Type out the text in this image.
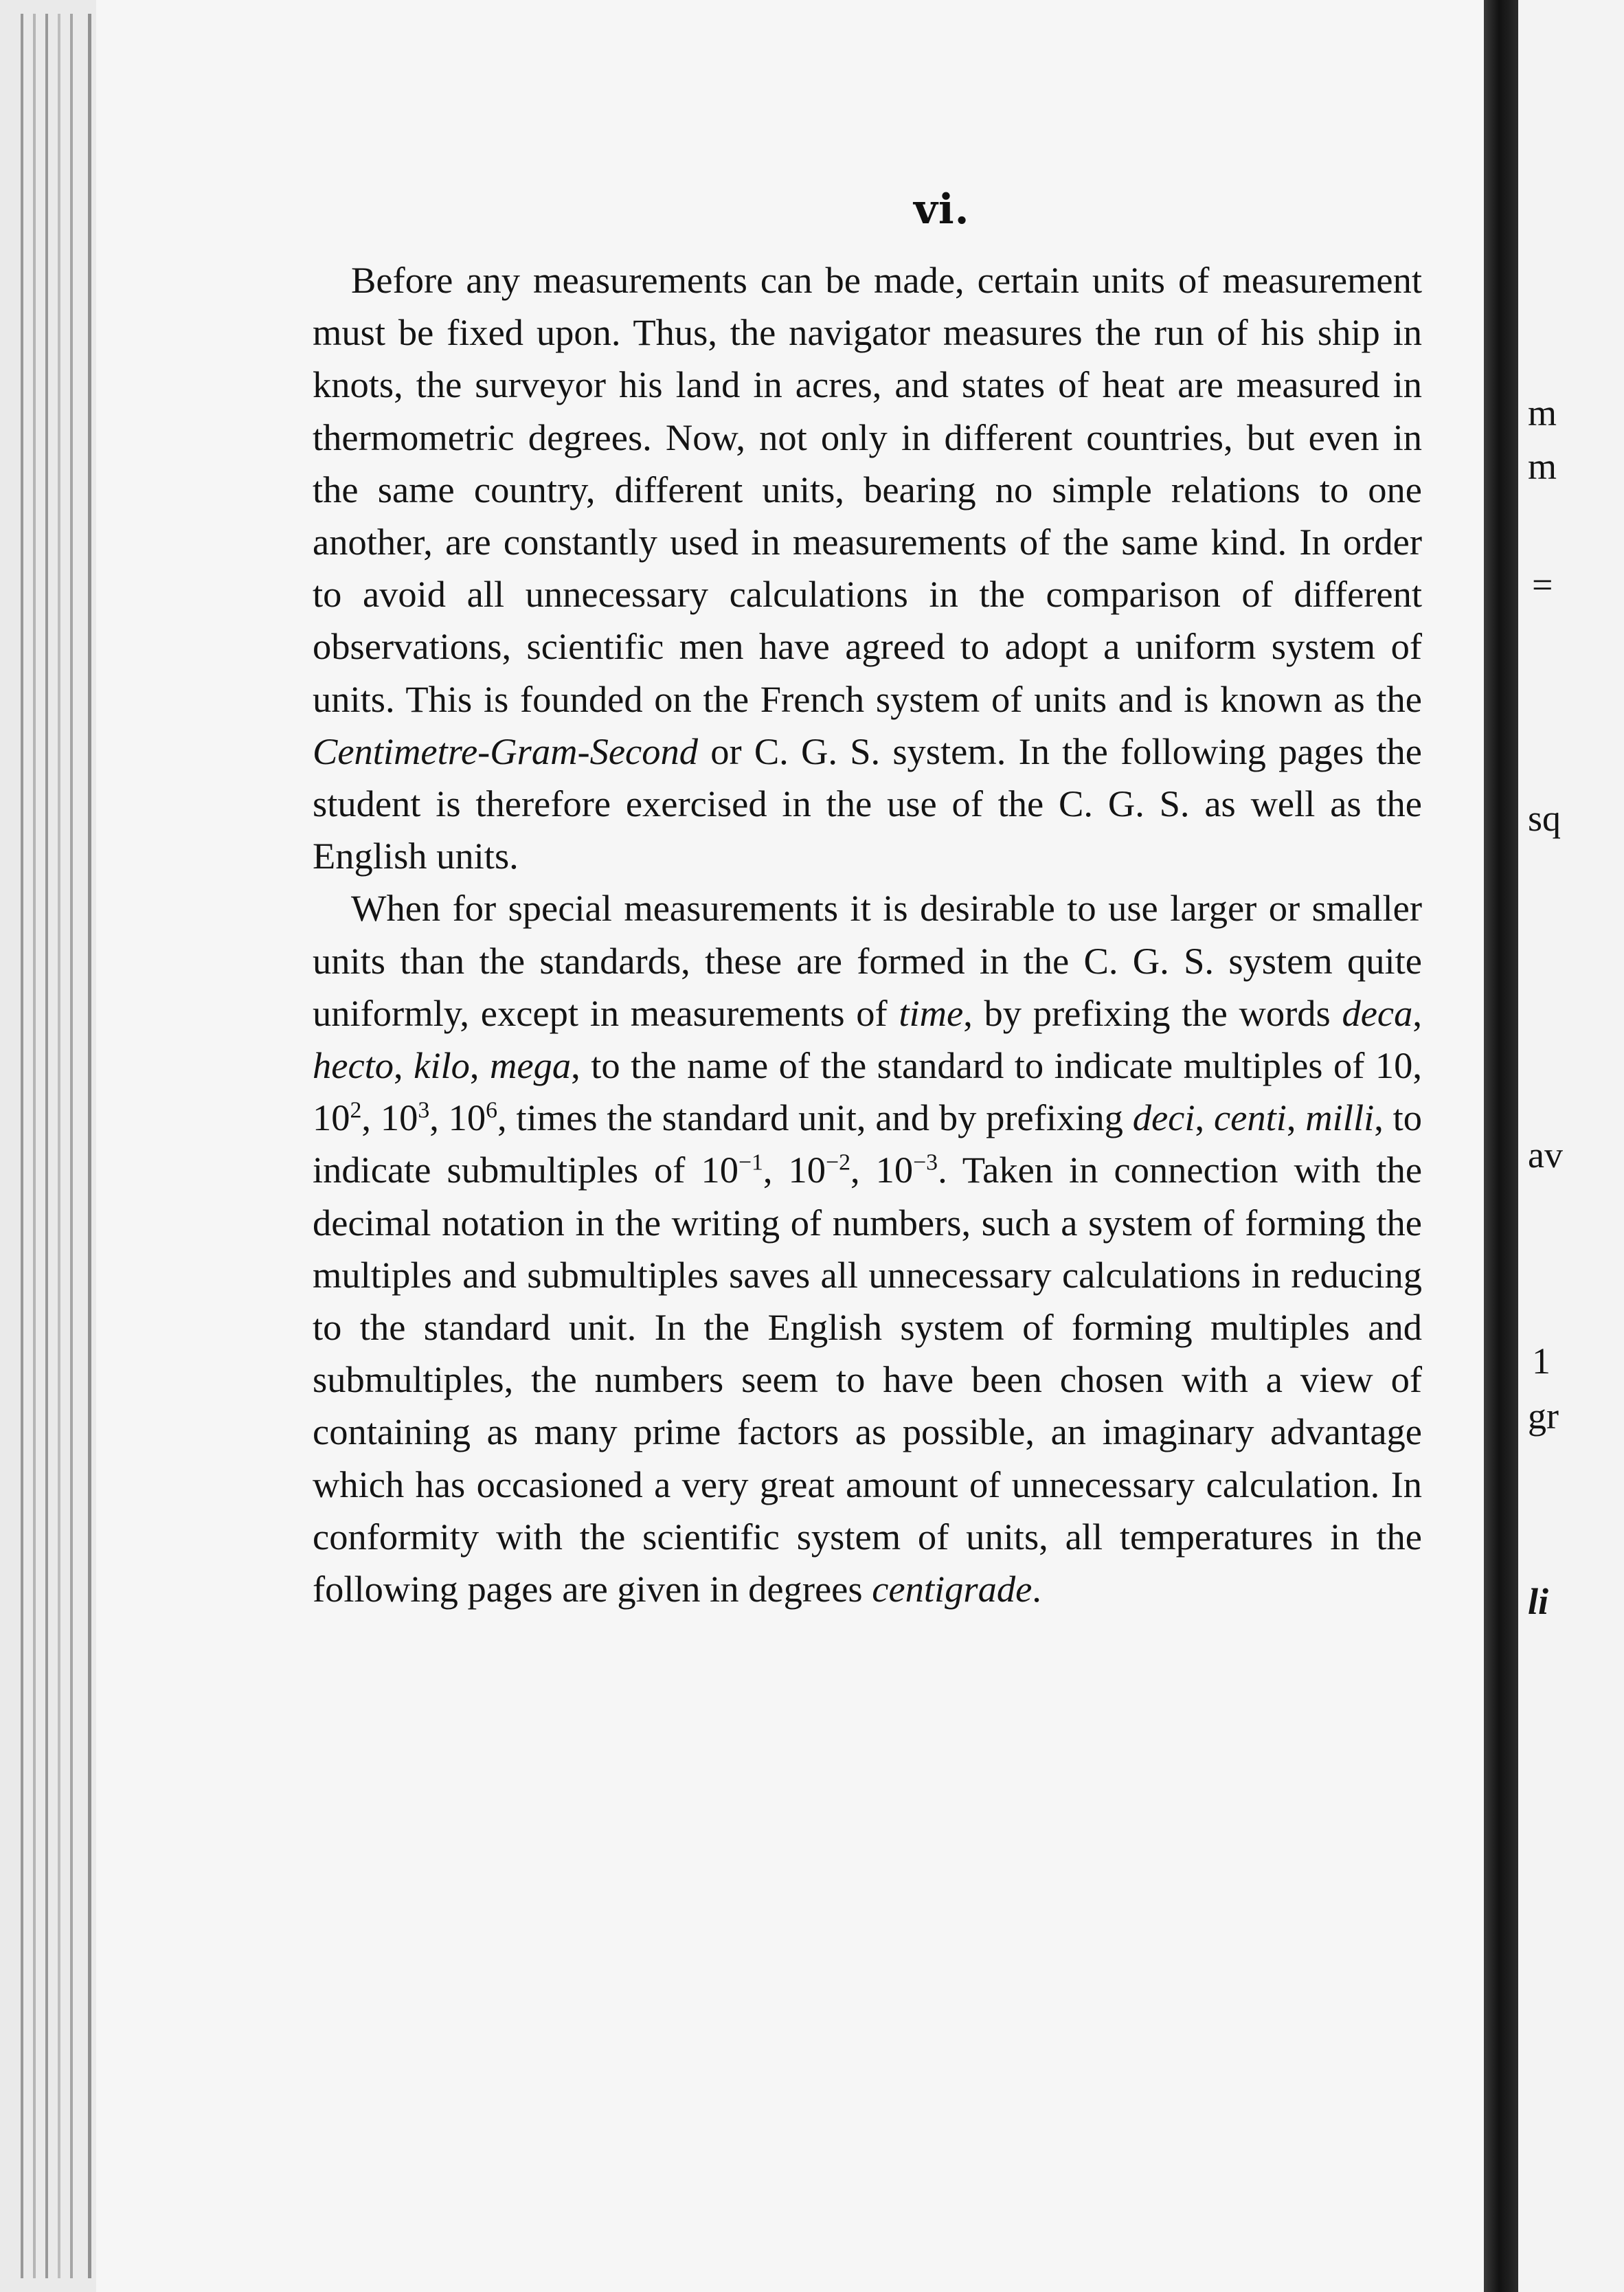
vi.

Before any measurements can be made, certain units of measurement must be fixed upon. Thus, the navigator measures the run of his ship in knots, the surveyor his land in acres, and states of heat are measured in thermometric degrees. Now, not only in different countries, but even in the same country, different units, bearing no simple relations to one another, are constantly used in measurements of the same kind. In order to avoid all unnecessary calculations in the comparison of different observations, scientific men have agreed to adopt a uniform system of units. This is founded on the French system of units and is known as the Centimetre-Gram-Second or C. G. S. system. In the following pages the student is therefore exercised in the use of the C. G. S. as well as the English units.

When for special measurements it is desirable to use larger or smaller units than the standards, these are formed in the C. G. S. system quite uniformly, except in measurements of time, by prefixing the words deca, hecto, kilo, mega, to the name of the standard to indicate multiples of 10, $10^2$, $10^3$, $10^6$, times the standard unit, and by prefixing deci, centi, milli, to indicate submultiples of $10^{-1}$, $10^{-2}$, $10^{-3}$. Taken in connection with the decimal notation in the writing of numbers, such a system of forming the multiples and submultiples saves all unnecessary calculations in reducing to the standard unit. In the English system of forming multiples and submultiples, the numbers seem to have been chosen with a view of containing as many prime factors as possible, an imaginary advantage which has occasioned a very great amount of unnecessary calculation. In conformity with the scientific system of units, all temperatures in the following pages are given in degrees centigrade.

m
m
=
sq
av
1
gr
li
